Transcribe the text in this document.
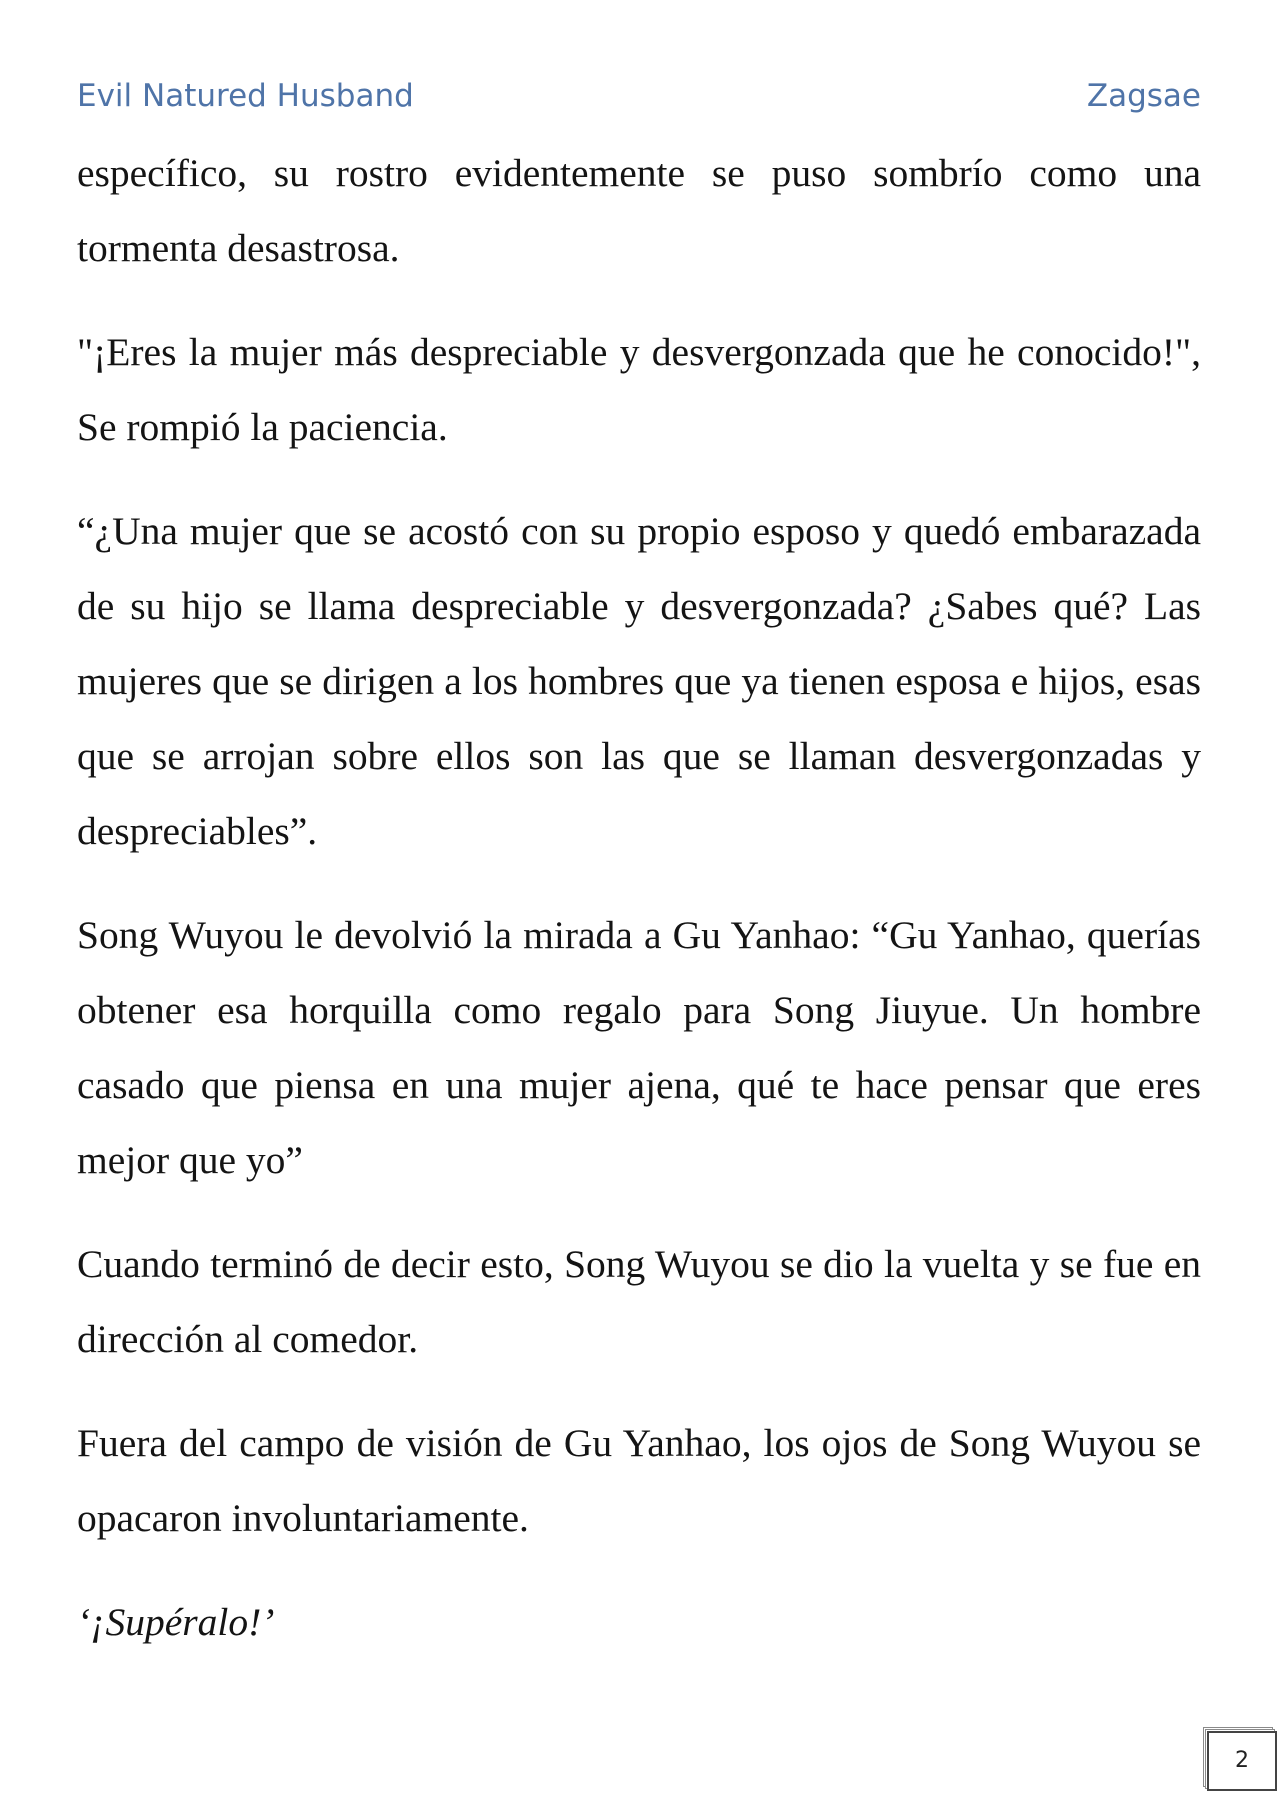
Evil Natured Husband	Zagsae

específico, su rostro evidentemente se puso sombrío como una tormenta desastrosa.

"¡Eres la mujer más despreciable y desvergonzada que he conocido!", Se rompió la paciencia.

“¿Una mujer que se acostó con su propio esposo y quedó embarazada de su hijo se llama despreciable y desvergonzada? ¿Sabes qué? Las mujeres que se dirigen a los hombres que ya tienen esposa e hijos, esas que se arrojan sobre ellos son las que se llaman desvergonzadas y despreciables”.

Song Wuyou le devolvió la mirada a Gu Yanhao: “Gu Yanhao, querías obtener esa horquilla como regalo para Song Jiuyue. Un hombre casado que piensa en una mujer ajena, qué te hace pensar que eres mejor que yo”

Cuando terminó de decir esto, Song Wuyou se dio la vuelta y se fue en dirección al comedor.

Fuera del campo de visión de Gu Yanhao, los ojos de Song Wuyou se opacaron involuntariamente.

‘¡Supéralo!’

2
